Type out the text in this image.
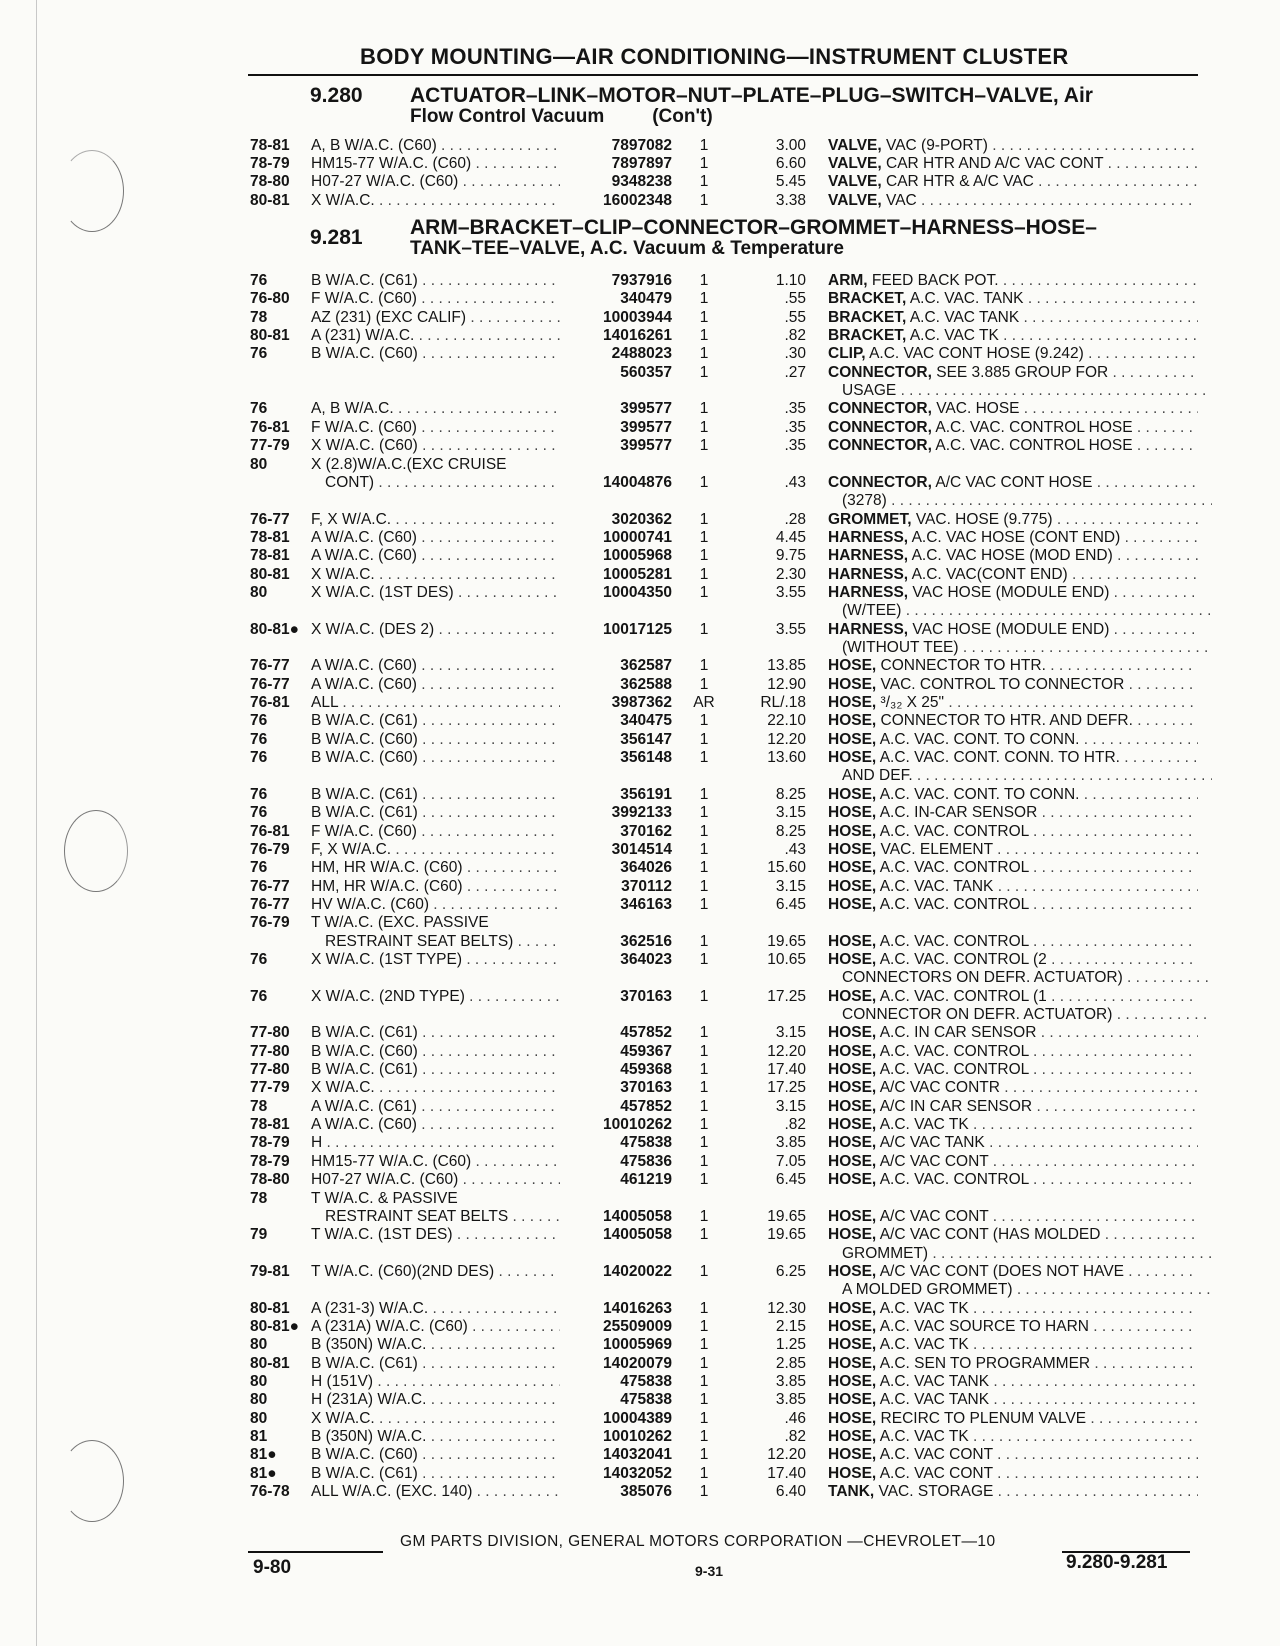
BODY MOUNTING—AIR CONDITIONING—INSTRUMENT CLUSTER
9.280 ACTUATOR–LINK–MOTOR–NUT–PLATE–PLUG–SWITCH–VALVE, Air
Flow Control Vacuum	(Con't)
9.281 ARM–BRACKET–CLIP–CONNECTOR–GROMMET–HARNESS–HOSE–
TANK–TEE–VALVE, A.C. Vacuum & Temperature
78-81	A, B W/A.C. (C60) . . .	7897082	1	3.00 VALVE, VAC (9-PORT) . . .
78-79	HM15-77 W/A.C. (C60) . . .	7897897	1	6.60 VALVE, CAR HTR AND A/C VAC CONT . . .
78-80	H07-27 W/A.C. (C60) . . .	9348238	1	5.45 VALVE, CAR HTR & A/C VAC . . .
80-81	X W/A.C. . . .	16002348	1	3.38 VALVE, VAC . . .
76	B W/A.C. (C61) . . .	7937916	1	1.10 ARM, FEED BACK POT. . . .
76-80	F W/A.C. (C60) . . .	340479	1	.55 BRACKET, A.C. VAC. TANK . . .
78	AZ (231) (EXC CALIF) . . .	10003944	1	.55 BRACKET, A.C. VAC TANK . . .
80-81	A (231) W/A.C. . . .	14016261	1	.82 BRACKET, A.C. VAC TK . . .
76	B W/A.C. (C60) . . .	2488023	1	.30 CLIP, A.C. VAC CONT HOSE (9.242) . . .
560357	1	.27 CONNECTOR, SEE 3.885 GROUP FOR . . .
USAGE . . .
76	A, B W/A.C. . . .	399577	1	.35 CONNECTOR, VAC. HOSE . . .
76-81	F W/A.C. (C60) . . .	399577	1	.35 CONNECTOR, A.C. VAC. CONTROL HOSE . . .
77-79	X W/A.C. (C60) . . .	399577	1	.35 CONNECTOR, A.C. VAC. CONTROL HOSE . . .
80	X (2.8)W/A.C.(EXC CRUISE
CONT) . . .	14004876	1	.43 CONNECTOR, A/C VAC CONT HOSE . . .
(3278) . . .
76-77	F, X W/A.C. . . .	3020362	1	.28 GROMMET, VAC. HOSE (9.775) . . .
78-81	A W/A.C. (C60) . . .	10000741	1	4.45 HARNESS, A.C. VAC HOSE (CONT END) . . .
78-81	A W/A.C. (C60) . . .	10005968	1	9.75 HARNESS, A.C. VAC HOSE (MOD END) . . .
80-81	X W/A.C. . . .	10005281	1	2.30 HARNESS, A.C. VAC(CONT END) . . .
80	X W/A.C. (1ST DES) . . .	10004350	1	3.55 HARNESS, VAC HOSE (MODULE END) . . .
(W/TEE) . . .
80-81● X W/A.C. (DES 2) . . .	10017125	1	3.55 HARNESS, VAC HOSE (MODULE END) . . .
(WITHOUT TEE) . . .
76-77	A W/A.C. (C60) . . .	362587	1	13.85 HOSE, CONNECTOR TO HTR. . . .
76-77	A W/A.C. (C60) . . .	362588	1	12.90 HOSE, VAC. CONTROL TO CONNECTOR . . .
76-81	ALL . . .	3987362	AR	RL/.18 HOSE, ³/₃₂ X 25" . . .
76	B W/A.C. (C61) . . .	340475	1	22.10 HOSE, CONNECTOR TO HTR. AND DEFR. . . .
76	B W/A.C. (C60) . . .	356147	1	12.20 HOSE, A.C. VAC. CONT. TO CONN. . . .
76	B W/A.C. (C60) . . .	356148	1	13.60 HOSE, A.C. VAC. CONT. CONN. TO HTR. . . .
AND DEF. . . .
76	B W/A.C. (C61) . . .	356191	1	8.25 HOSE, A.C. VAC. CONT. TO CONN. . . .
76	B W/A.C. (C61) . . .	3992133	1	3.15 HOSE, A.C. IN-CAR SENSOR . . .
76-81	F W/A.C. (C60) . . .	370162	1	8.25 HOSE, A.C. VAC. CONTROL . . .
76-79	F, X W/A.C. . . .	3014514	1	.43 HOSE, VAC. ELEMENT . . .
76	HM, HR W/A.C. (C60) . . .	364026	1	15.60 HOSE, A.C. VAC. CONTROL . . .
76-77	HM, HR W/A.C. (C60) . . .	370112	1	3.15 HOSE, A.C. VAC. TANK . . .
76-77	HV W/A.C. (C60) . . .	346163	1	6.45 HOSE, A.C. VAC. CONTROL . . .
76-79	T W/A.C. (EXC. PASSIVE
RESTRAINT SEAT BELTS) . . .	362516	1	19.65 HOSE, A.C. VAC. CONTROL . . .
76	X W/A.C. (1ST TYPE) . . .	364023	1	10.65 HOSE, A.C. VAC. CONTROL (2 . . .
CONNECTORS ON DEFR. ACTUATOR) . . .
76	X W/A.C. (2ND TYPE) . . .	370163	1	17.25 HOSE, A.C. VAC. CONTROL (1 . . .
CONNECTOR ON DEFR. ACTUATOR) . . .
77-80	B W/A.C. (C61) . . .	457852	1	3.15 HOSE, A.C. IN CAR SENSOR . . .
77-80	B W/A.C. (C60) . . .	459367	1	12.20 HOSE, A.C. VAC. CONTROL . . .
77-80	B W/A.C. (C61) . . .	459368	1	17.40 HOSE, A.C. VAC. CONTROL . . .
77-79	X W/A.C. . . .	370163	1	17.25 HOSE, A/C VAC CONTR . . .
78	A W/A.C. (C61) . . .	457852	1	3.15 HOSE, A/C IN CAR SENSOR . . .
78-81	A W/A.C. (C60) . . .	10010262	1	.82 HOSE, A.C. VAC TK . . .
78-79	H . . .	475838	1	3.85 HOSE, A/C VAC TANK . . .
78-79	HM15-77 W/A.C. (C60) . . .	475836	1	7.05 HOSE, A/C VAC CONT . . .
78-80	H07-27 W/A.C. (C60) . . .	461219	1	6.45 HOSE, A.C. VAC. CONTROL . . .
78	T W/A.C. & PASSIVE
RESTRAINT SEAT BELTS . . .	14005058	1	19.65 HOSE, A/C VAC CONT . . .
79	T W/A.C. (1ST DES) . . .	14005058	1	19.65 HOSE, A/C VAC CONT (HAS MOLDED . . .
GROMMET) . . .
79-81	T W/A.C. (C60)(2ND DES) . . .	14020022	1	6.25 HOSE, A/C VAC CONT (DOES NOT HAVE . . .
A MOLDED GROMMET) . . .
80-81	A (231-3) W/A.C. . . .	14016263	1	12.30 HOSE, A.C. VAC TK . . .
80-81● A (231A) W/A.C. (C60) . . .	25509009	1	2.15 HOSE, A.C. VAC SOURCE TO HARN . . .
80	B (350N) W/A.C. . . .	10005969	1	1.25 HOSE, A.C. VAC TK . . .
80-81	B W/A.C. (C61) . . .	14020079	1	2.85 HOSE, A.C. SEN TO PROGRAMMER . . .
80	H (151V) . . .	475838	1	3.85 HOSE, A.C. VAC TANK . . .
80	H (231A) W/A.C. . . .	475838	1	3.85 HOSE, A.C. VAC TANK . . .
80	X W/A.C. . . .	10004389	1	.46 HOSE, RECIRC TO PLENUM VALVE . . .
81	B (350N) W/A.C. . . .	10010262	1	.82 HOSE, A.C. VAC TK . . .
81●	B W/A.C. (C60) . . .	14032041	1	12.20 HOSE, A.C. VAC CONT . . .
81●	B W/A.C. (C61) . . .	14032052	1	17.40 HOSE, A.C. VAC CONT . . .
76-78	ALL W/A.C. (EXC. 140) . . .	385076	1	6.40 TANK, VAC. STORAGE . . .
GM PARTS DIVISION, GENERAL MOTORS CORPORATION —CHEVROLET—10
9-80	9-31	9.280-9.281
